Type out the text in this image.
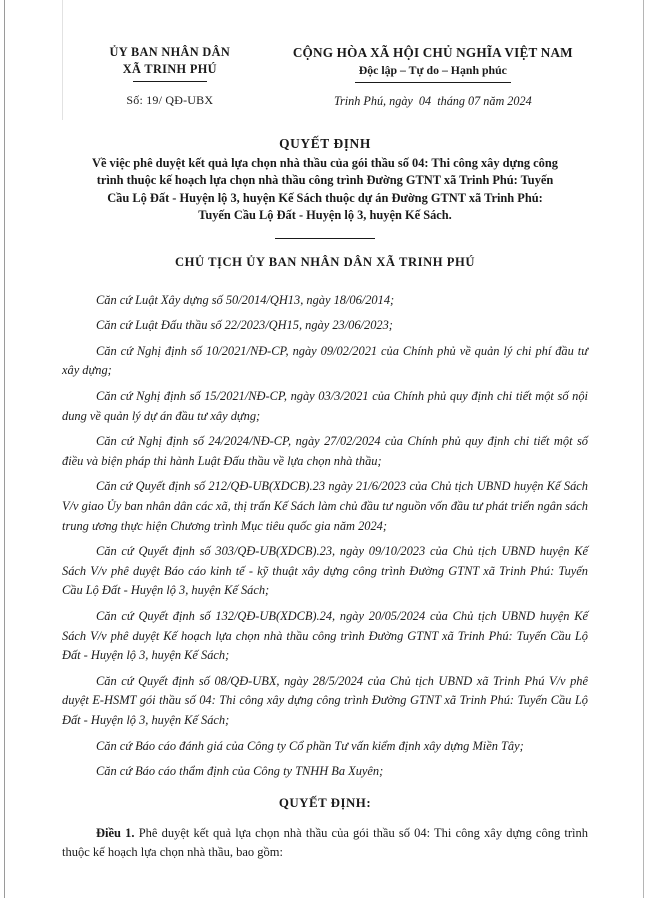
ỦY BAN NHÂN DÂN
XÃ TRINH PHÚ
Số: 19/ QĐ-UBX
CỘNG HÒA XÃ HỘI CHỦ NGHĨA VIỆT NAM
Độc lập – Tự do – Hạnh phúc
Trinh Phú, ngày  04  tháng 07 năm 2024
QUYẾT ĐỊNH
Về việc phê duyệt kết quả lựa chọn nhà thầu của gói thầu số 04: Thi công xây dựng công trình thuộc kế hoạch lựa chọn nhà thầu công trình Đường GTNT xã Trinh Phú: Tuyến Cầu Lộ Đất - Huyện lộ 3, huyện Kế Sách thuộc dự án Đường GTNT xã Trinh Phú: Tuyến Cầu Lộ Đất - Huyện lộ 3, huyện Kế Sách.
CHỦ TỊCH ỦY BAN NHÂN DÂN XÃ TRINH PHÚ

Căn cứ Luật Xây dựng số 50/2014/QH13, ngày 18/06/2014;

Căn cứ Luật Đấu thầu số 22/2023/QH15, ngày 23/06/2023;

Căn cứ Nghị định số 10/2021/NĐ-CP, ngày 09/02/2021 của Chính phủ về quản lý chi phí đầu tư xây dựng;

Căn cứ Nghị định số 15/2021/NĐ-CP, ngày 03/3/2021 của Chính phủ quy định chi tiết một số nội dung về quản lý dự án đầu tư xây dựng;

Căn cứ Nghị định số 24/2024/NĐ-CP, ngày 27/02/2024 của Chính phủ quy định chi tiết một số điều và biện pháp thi hành Luật Đấu thầu về lựa chọn nhà thầu;

Căn cứ Quyết định số 212/QĐ-UB(XDCB).23 ngày 21/6/2023 của Chủ tịch UBND huyện Kế Sách V/v giao Ủy ban nhân dân các xã, thị trấn Kế Sách làm chủ đầu tư nguồn vốn đầu tư phát triển ngân sách trung ương thực hiện Chương trình Mục tiêu quốc gia năm 2024;

Căn cứ Quyết định số 303/QĐ-UB(XDCB).23, ngày 09/10/2023 của Chủ tịch UBND huyện Kế Sách V/v phê duyệt Báo cáo kinh tế - kỹ thuật xây dựng công trình Đường GTNT xã Trinh Phú: Tuyến Cầu Lộ Đất - Huyện lộ 3, huyện Kế Sách;

Căn cứ Quyết định số 132/QĐ-UB(XDCB).24, ngày 20/05/2024 của Chủ tịch UBND huyện Kế Sách V/v phê duyệt Kế hoạch lựa chọn nhà thầu công trình Đường GTNT xã Trinh Phú: Tuyến Cầu Lộ Đất - Huyện lộ 3, huyện Kế Sách;

Căn cứ Quyết định số 08/QĐ-UBX, ngày 28/5/2024 của Chủ tịch UBND xã Trinh Phú V/v phê duyệt E-HSMT gói thầu số 04: Thi công xây dựng công trình Đường GTNT xã Trinh Phú: Tuyến Cầu Lộ Đất - Huyện lộ 3, huyện Kế Sách;

Căn cứ Báo cáo đánh giá của Công ty Cổ phần Tư vấn kiểm định xây dựng Miền Tây;

Căn cứ Báo cáo thẩm định của Công ty TNHH Ba Xuyên;

QUYẾT ĐỊNH:

Điều 1. Phê duyệt kết quả lựa chọn nhà thầu của gói thầu số 04: Thi công xây dựng công trình thuộc kế hoạch lựa chọn nhà thầu, bao gồm:
